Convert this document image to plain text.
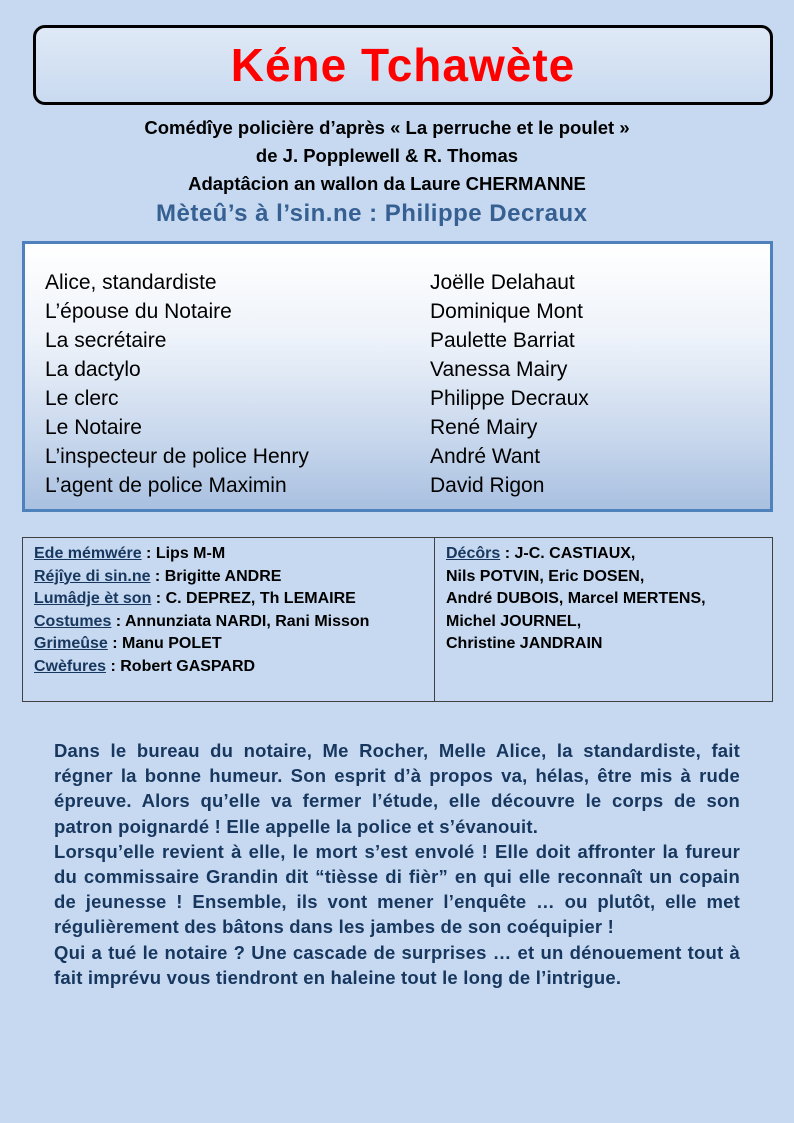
Kéne Tchawète
Comédîye policière d’après « La perruche et le poulet »
de J. Popplewell & R. Thomas
Adaptâcion an wallon da Laure CHERMANNE
Mèteû’s à l’sin.ne : Philippe Decraux
Alice, standardiste	Joëlle Delahaut
L’épouse du Notaire	Dominique Mont
La secrétaire	Paulette Barriat
La dactylo	Vanessa Mairy
Le clerc	Philippe Decraux
Le Notaire	René Mairy
L’inspecteur de police Henry	André Want
L’agent de police Maximin	David Rigon
Ede mémwére : Lips M-M
Réjîye di sin.ne : Brigitte ANDRE
Lumâdje èt son : C. DEPREZ, Th LEMAIRE
Costumes : Annunziata NARDI, Rani Misson
Grimeûse : Manu POLET
Cwèfures : Robert GASPARD
Décôrs : J-C. CASTIAUX,
Nils POTVIN, Eric DOSEN,
André DUBOIS, Marcel MERTENS,
Michel JOURNEL,
Christine JANDRAIN

Dans le bureau du notaire, Me Rocher, Melle Alice, la standardiste, fait régner la bonne humeur. Son esprit d’à propos va, hélas, être mis à rude épreuve. Alors qu’elle va fermer l’étude, elle découvre le corps de son patron poignardé ! Elle appelle la police et s’évanouit.

Lorsqu’elle revient à elle, le mort s’est envolé ! Elle doit affronter la fureur du commissaire Grandin dit “tièsse di fièr” en qui elle reconnaît un copain de jeunesse ! Ensemble, ils vont mener l’enquête … ou plutôt, elle met régulièrement des bâtons dans les jambes de son coéquipier !

Qui a tué le notaire ? Une cascade de surprises … et un dénouement tout à fait imprévu vous tiendront en haleine tout le long de l’intrigue.
